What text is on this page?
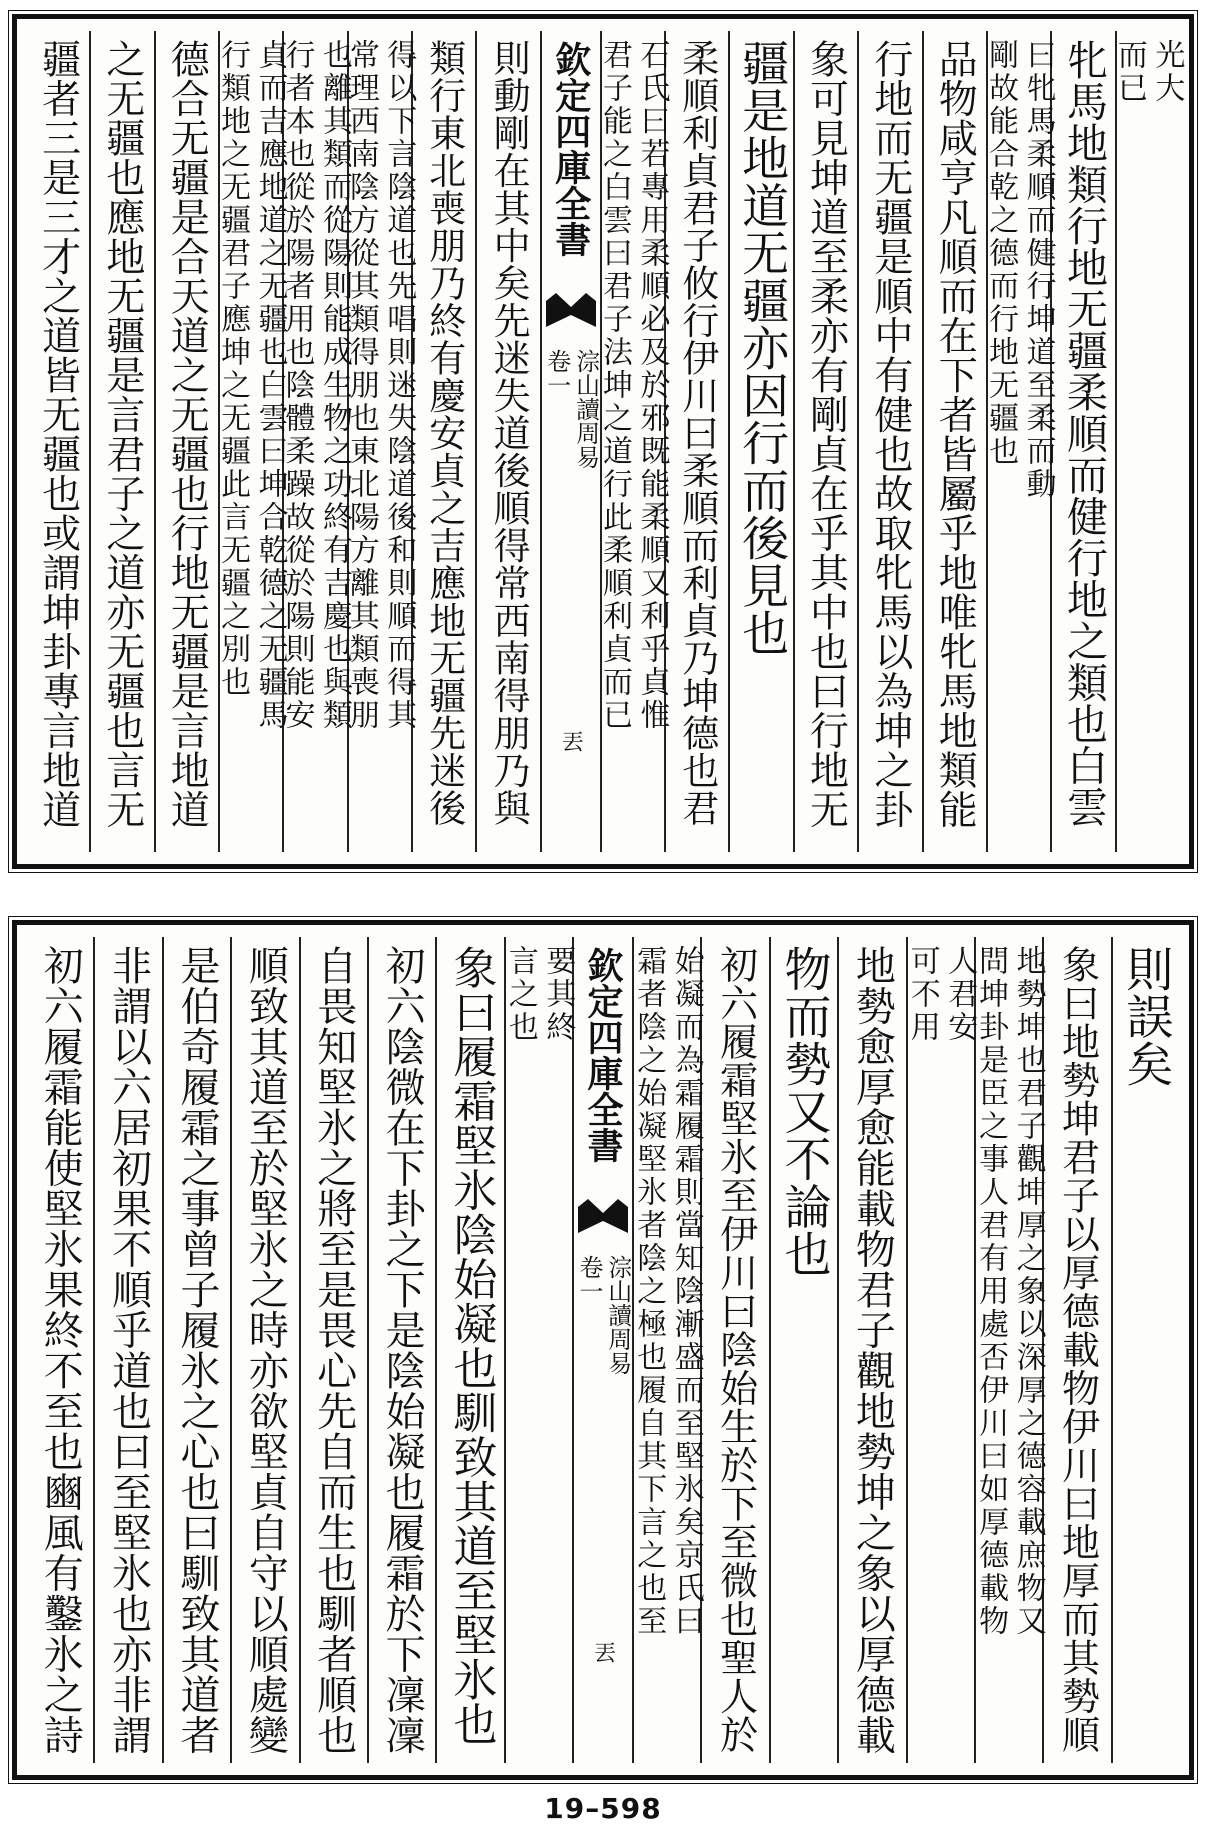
光大
而已
牝馬地類行地无疆柔順而健行地之類也白雲
曰牝馬柔順而健行坤道至柔而動
剛故能合乾之德而行地无疆也
品物咸亨凡順而在下者皆屬乎地唯牝馬地類能
行地而无疆是順中有健也故取牝馬以為坤之卦
象可見坤道至柔亦有剛貞在乎其中也曰行地无
疆是地道无疆亦因行而後見也
柔順利貞君子攸行伊川曰柔順而利貞乃坤德也君
石氏曰若專用柔順必及於邪既能柔順又利乎貞惟
君子能之白雲曰君子法坤之道行此柔順利貞而已
欽定四庫全書
淙山讀周易
卷一
丟
則動剛在其中矣先迷失道後順得常西南得朋乃與
類行東北喪朋乃終有慶安貞之吉應地无疆先迷後
得以下言陰道也先唱則迷失陰道後和則順而得其
常理西南陰方從其類得朋也東北陽方離其類喪朋
也離其類而從陽則能成生物之功終有吉慶也與類
行者本也從於陽者用也陰體柔躁故從於陽則能安
貞而吉應地道之无疆也白雲曰坤合乾德之无疆馬
行類地之无疆君子應坤之无疆此言无疆之別也
德合无疆是合天道之无疆也行地无疆是言地道
之无疆也應地无疆是言君子之道亦无疆也言无
疆者三是三才之道皆无疆也或謂坤卦專言地道
則誤矣
象曰地勢坤君子以厚德載物伊川曰地厚而其勢順
地勢坤也君子觀坤厚之象以深厚之德容載庶物又
問坤卦是臣之事人君有用處否伊川曰如厚德載物
人君安
可不用
地勢愈厚愈能載物君子觀地勢坤之象以厚德載
物而勢又不論也
初六履霜堅氷至伊川曰陰始生於下至微也聖人於
始凝而為霜履霜則當知陰漸盛而至堅氷矣京氏曰
霜者陰之始凝堅氷者陰之極也履自其下言之也至
欽定四庫全書
淙山讀周易
卷一
丟
要其終
言之也
象曰履霜堅氷陰始凝也馴致其道至堅氷也
初六陰微在下卦之下是陰始凝也履霜於下凜凜
自畏知堅氷之將至是畏心先自而生也馴者順也
順致其道至於堅氷之時亦欲堅貞自守以順處變
是伯奇履霜之事曾子履氷之心也曰馴致其道者
非謂以六居初果不順乎道也曰至堅氷也亦非謂
初六履霜能使堅氷果終不至也豳風有鑿氷之詩
19–598
